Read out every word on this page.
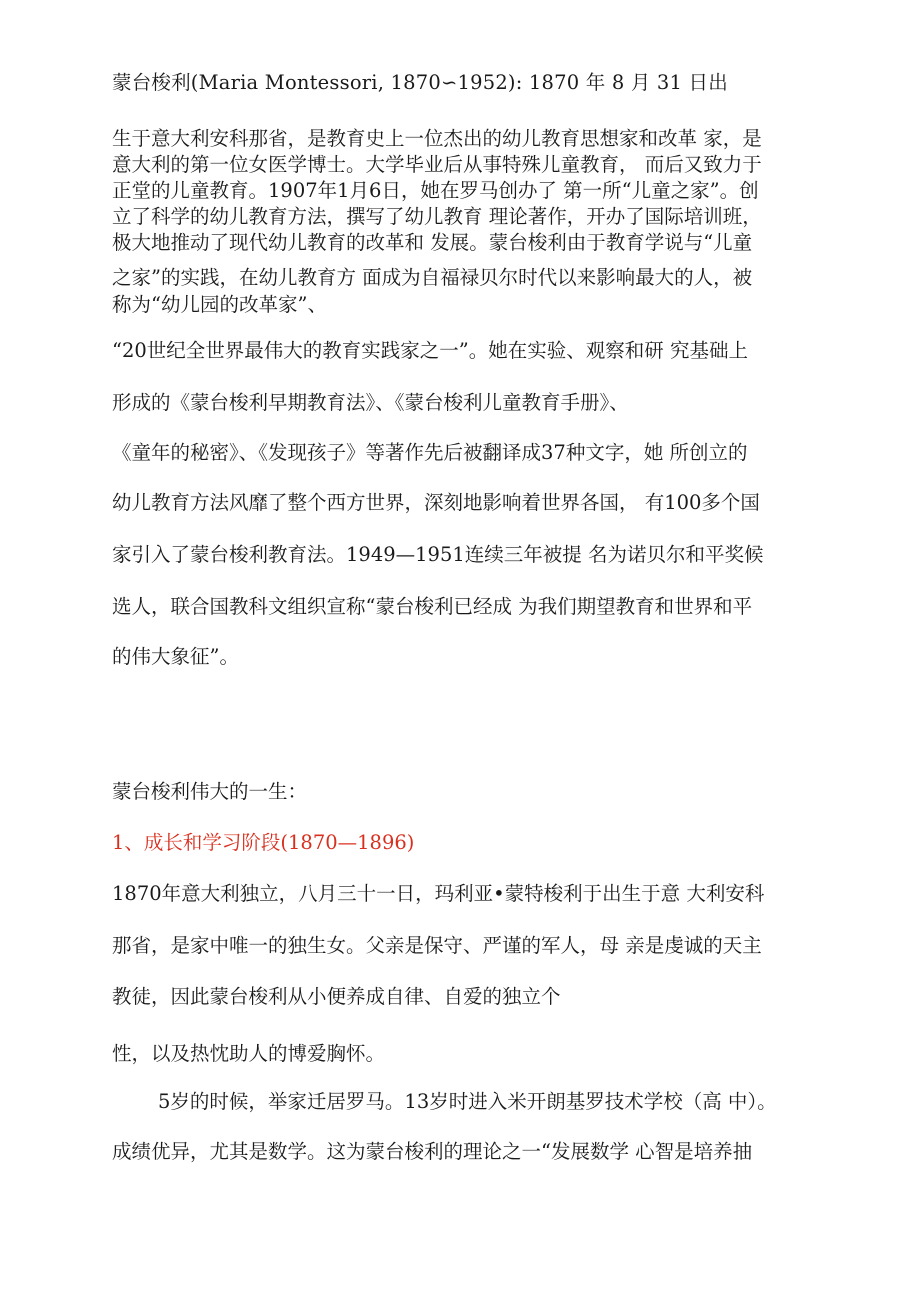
蒙台梭利(Maria Montessori, 1870∽1952): 1870 年 8 月 31 日出
生于意大利安科那省，是教育史上一位杰出的幼儿教育思想家和改革 家，是
意大利的第一位女医学博士。大学毕业后从事特殊儿童教育， 而后又致力于
正堂的儿童教育。1907年1月6日，她在罗马创办了 第一所“儿童之家”。创
立了科学的幼儿教育方法，撰写了幼儿教育 理论著作，开办了国际培训班，
极大地推动了现代幼儿教育的改革和 发展。蒙台梭利由于教育学说与“儿童
之家”的实践，在幼儿教育方 面成为自福禄贝尔时代以来影响最大的人，被
称为“幼儿园的改革家”、
“20世纪全世界最伟大的教育实践家之一”。她在实验、观察和研 究基础上
形成的《蒙台梭利早期教育法》、《蒙台梭利儿童教育手册》、
《童年的秘密》、《发现孩子》等著作先后被翻译成37种文字，她 所创立的
幼儿教育方法风靡了整个西方世界，深刻地影响着世界各国， 有100多个国
家引入了蒙台梭利教育法。1949—1951连续三年被提 名为诺贝尔和平奖候
选人，联合国教科文组织宣称“蒙台梭利已经成 为我们期望教育和世界和平
的伟大象征”。
蒙台梭利伟大的一生：
1、成长和学习阶段(1870—1896)
1870年意大利独立，八月三十一日，玛利亚•蒙特梭利于出生于意 大利安科
那省，是家中唯一的独生女。父亲是保守、严谨的军人，母 亲是虔诚的天主
教徒，因此蒙台梭利从小便养成自律、自爱的独立个
性，以及热忱助人的博爱胸怀。
5岁的时候，举家迁居罗马。13岁时进入米开朗基罗技术学校（高 中）。
成绩优异，尤其是数学。这为蒙台梭利的理论之一“发展数学 心智是培养抽
